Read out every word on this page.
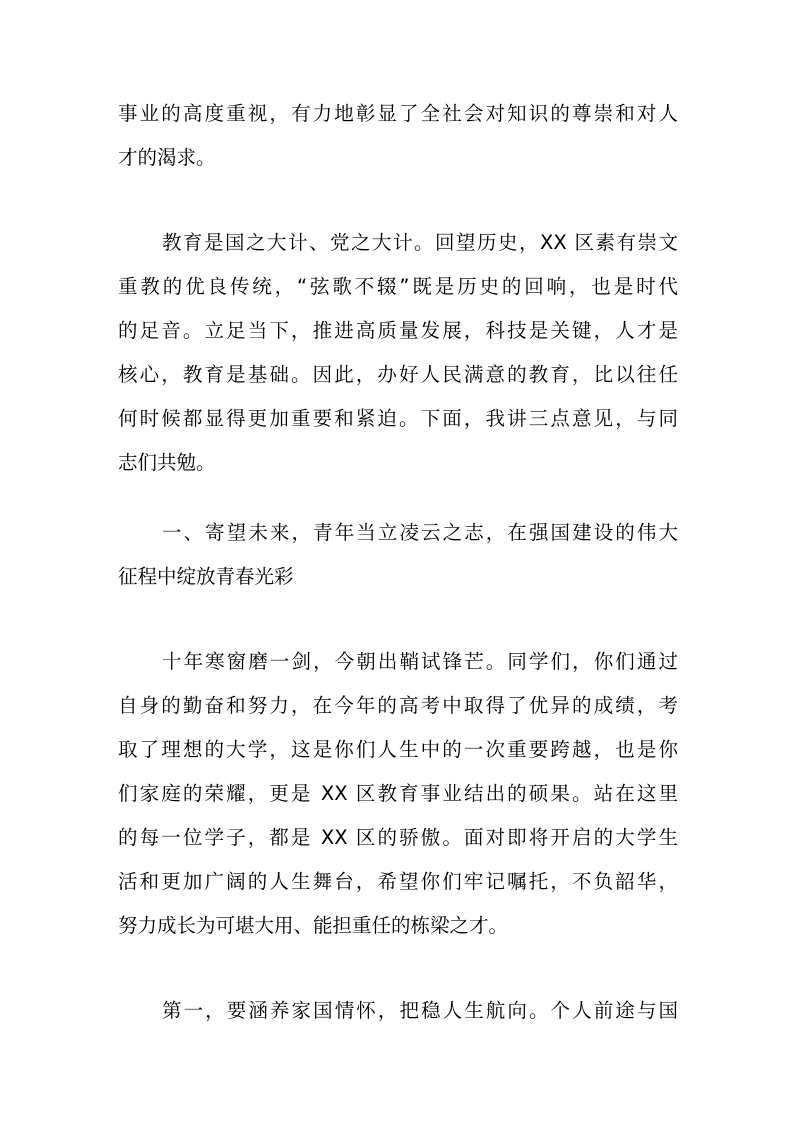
事业的高度重视，有力地彰显了全社会对知识的尊崇和对人
才的渴求。
教育是国之大计、党之大计。回望历史，XX 区素有崇文
重教的优良传统，“弦歌不辍”既是历史的回响，也是时代
的足音。立足当下，推进高质量发展，科技是关键，人才是
核心，教育是基础。因此，办好人民满意的教育，比以往任
何时候都显得更加重要和紧迫。下面，我讲三点意见，与同
志们共勉。
一、寄望未来，青年当立凌云之志，在强国建设的伟大
征程中绽放青春光彩
十年寒窗磨一剑，今朝出鞘试锋芒。同学们，你们通过
自身的勤奋和努力，在今年的高考中取得了优异的成绩，考
取了理想的大学，这是你们人生中的一次重要跨越，也是你
们家庭的荣耀，更是 XX 区教育事业结出的硕果。站在这里
的每一位学子，都是 XX 区的骄傲。面对即将开启的大学生
活和更加广阔的人生舞台，希望你们牢记嘱托，不负韶华，
努力成长为可堪大用、能担重任的栋梁之才。
第一，要涵养家国情怀，把稳人生航向。个人前途与国
